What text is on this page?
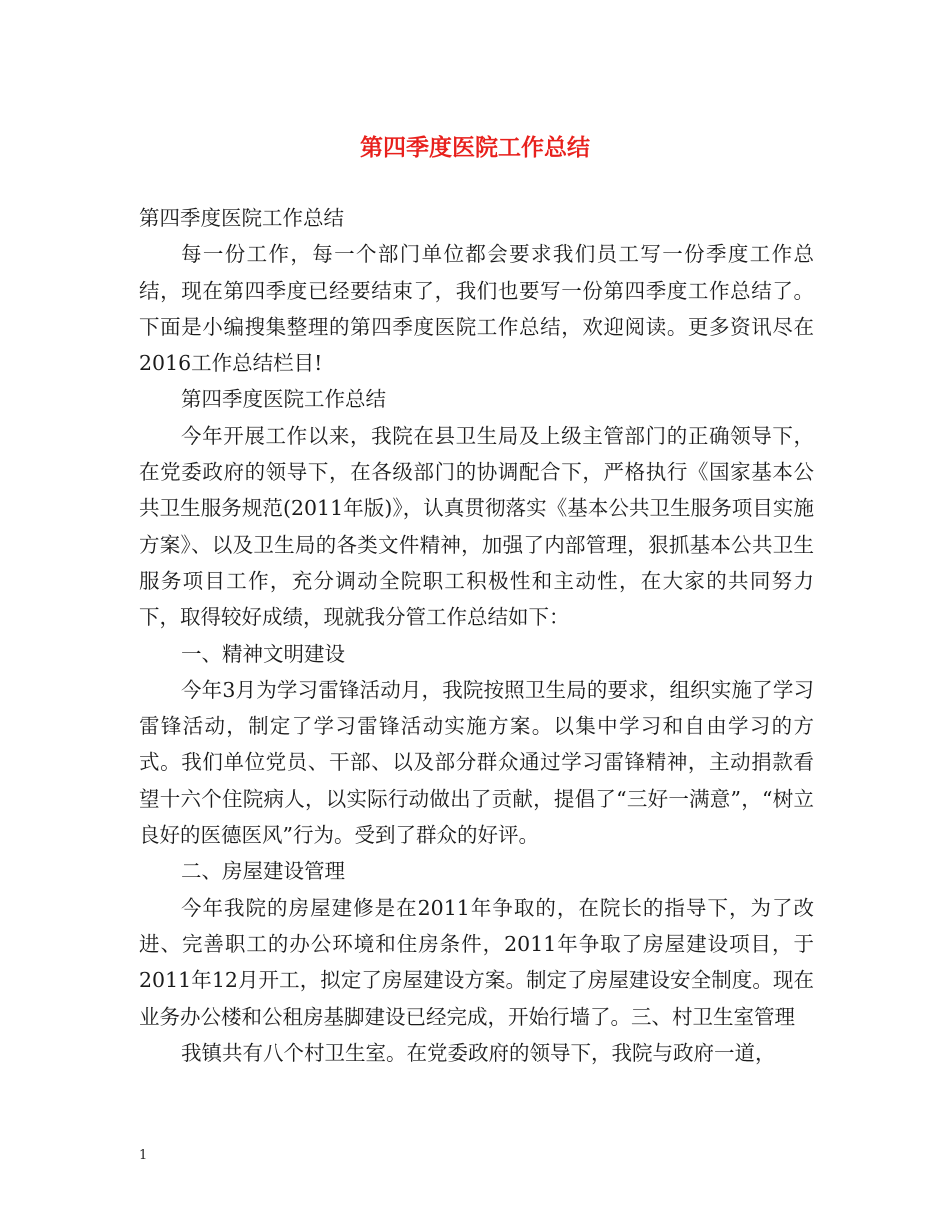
第四季度医院工作总结

第四季度医院工作总结

每一份工作，每一个部门单位都会要求我们员工写一份季度工作总结，现在第四季度已经要结束了，我们也要写一份第四季度工作总结了。下面是小编搜集整理的第四季度医院工作总结，欢迎阅读。更多资讯尽在2016工作总结栏目!

第四季度医院工作总结

今年开展工作以来，我院在县卫生局及上级主管部门的正确领导下，在党委政府的领导下，在各级部门的协调配合下，严格执行《国家基本公共卫生服务规范(2011年版)》，认真贯彻落实《基本公共卫生服务项目实施方案》、以及卫生局的各类文件精神，加强了内部管理，狠抓基本公共卫生服务项目工作，充分调动全院职工积极性和主动性，在大家的共同努力下，取得较好成绩，现就我分管工作总结如下：

一、精神文明建设

今年3月为学习雷锋活动月，我院按照卫生局的要求，组织实施了学习雷锋活动，制定了学习雷锋活动实施方案。以集中学习和自由学习的方式。我们单位党员、干部、以及部分群众通过学习雷锋精神，主动捐款看望十六个住院病人，以实际行动做出了贡献，提倡了“三好一满意”，“树立良好的医德医风”行为。受到了群众的好评。

二、房屋建设管理

今年我院的房屋建修是在2011年争取的，在院长的指导下，为了改进、完善职工的办公环境和住房条件，2011年争取了房屋建设项目，于2011年12月开工，拟定了房屋建设方案。制定了房屋建设安全制度。现在业务办公楼和公租房基脚建设已经完成，开始行墙了。三、村卫生室管理

我镇共有八个村卫生室。在党委政府的领导下，我院与政府一道，

1
